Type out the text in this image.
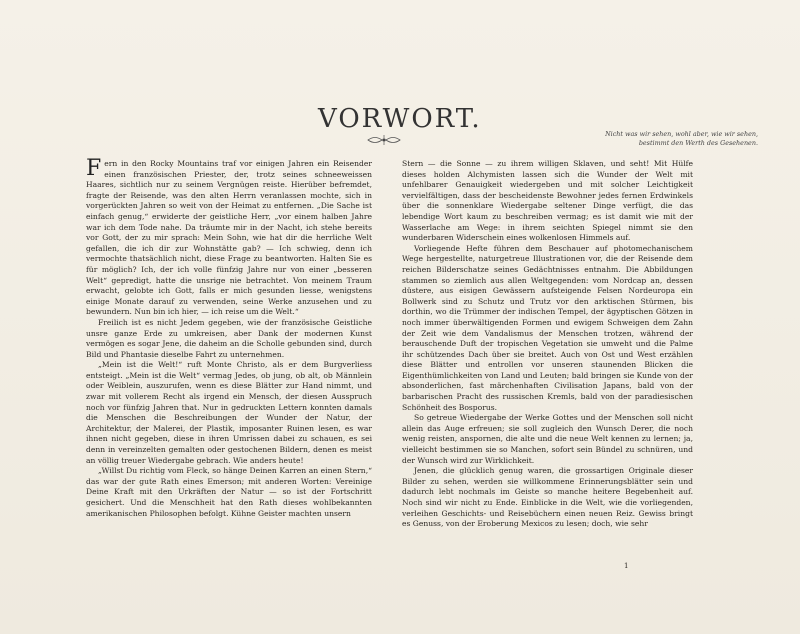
VORWORT.	Nicht was wir sehen, wohl aber, wie wir sehen,
bestimmt den Werth des Gesehenen.

Fern in den Rocky Mountains traf vor einigen Jahren ein Reisender einen französischen Priester, der, trotz seines schneeweissen Haares, sichtlich nur zu seinem Vergnügen reiste. Hierüber befremdet, fragte der Reisende, was den alten Herrn veranlassen mochte, sich in vorgerückten Jahren so weit von der Heimat zu entfernen. „Die Sache ist einfach genug,“ erwiderte der geistliche Herr, „vor einem halben Jahre war ich dem Tode nahe. Da träumte mir in der Nacht, ich stehe bereits vor Gott, der zu mir sprach: Mein Sohn, wie hat dir die herrliche Welt gefallen, die ich dir zur Wohnstätte gab? — Ich schwieg, denn ich vermochte thatsächlich nicht, diese Frage zu beantworten. Halten Sie es für möglich? Ich, der ich volle fünfzig Jahre nur von einer „besseren Welt“ gepredigt, hatte die unsrige nie betrachtet. Von meinem Traum erwacht, gelobte ich Gott, falls er mich gesunden liesse, wenigstens einige Monate darauf zu verwenden, seine Werke anzusehen und zu bewundern. Nun bin ich hier, — ich reise um die Welt.“

Freilich ist es nicht Jedem gegeben, wie der französische Geistliche unsre ganze Erde zu umkreisen, aber Dank der modernen Kunst vermögen es sogar Jene, die daheim an die Scholle gebunden sind, durch Bild und Phantasie dieselbe Fahrt zu unternehmen.

„Mein ist die Welt!“ ruft Monte Christo, als er dem Burgverliess entsteigt. „Mein ist die Welt“ vermag Jedes, ob jung, ob alt, ob Männlein oder Weiblein, auszurufen, wenn es diese Blätter zur Hand nimmt, und zwar mit vollerem Recht als irgend ein Mensch, der diesen Ausspruch noch vor fünfzig Jahren that. Nur in gedruckten Lettern konnten damals die Menschen die Beschreibungen der Wunder der Natur, der Architektur, der Malerei, der Plastik, imposanter Ruinen lesen, es war ihnen nicht gegeben, diese in ihren Umrissen dabei zu schauen, es sei denn in vereinzelten gemalten oder gestochenen Bildern, denen es meist an völlig treuer Wiedergabe gebrach. Wie anders heute!

„Willst Du richtig vom Fleck, so hänge Deinen Karren an einen Stern,“ das war der gute Rath eines Emerson; mit anderen Worten: Vereinige Deine Kraft mit den Urkräften der Natur — so ist der Fortschritt gesichert. Und die Menschheit hat den Rath dieses wohlbekannten amerikanischen Philosophen befolgt. Kühne Geister machten unsern

Stern — die Sonne — zu ihrem willigen Sklaven, und seht! Mit Hülfe dieses holden Alchymisten lassen sich die Wunder der Welt mit unfehlbarer Genauigkeit wiedergeben und mit solcher Leichtigkeit vervielfältigen, dass der bescheidenste Bewohner jedes fernen Erdwinkels über die sonnenklare Wiedergabe seltener Dinge verfügt, die das lebendige Wort kaum zu beschreiben vermag; es ist damit wie mit der Wasserlache am Wege: in ihrem seichten Spiegel nimmt sie den wunderbaren Widerschein eines wolkenlosen Himmels auf.

Vorliegende Hefte führen dem Beschauer auf photomechanischem Wege hergestellte, naturgetreue Illustrationen vor, die der Reisende dem reichen Bilderschatze seines Gedächtnisses entnahm. Die Abbildungen stammen so ziemlich aus allen Weltgegenden: vom Nordcap an, dessen düstere, aus eisigen Gewässern aufsteigende Felsen Nordeuropa ein Bollwerk sind zu Schutz und Trutz vor den arktischen Stürmen, bis dorthin, wo die Trümmer der indischen Tempel, der ägyptischen Götzen in noch immer überwältigenden Formen und ewigem Schweigen dem Zahn der Zeit wie dem Vandalismus der Menschen trotzen, während der berauschende Duft der tropischen Vegetation sie umweht und die Palme ihr schützendes Dach über sie breitet. Auch von Ost und West erzählen diese Blätter und entrollen vor unseren staunenden Blicken die Eigenthümlichkeiten von Land und Leuten; bald bringen sie Kunde von der absonderlichen, fast märchenhaften Civilisation Japans, bald von der barbarischen Pracht des russischen Kremls, bald von der paradiesischen Schönheit des Bosporus.

So getreue Wiedergabe der Werke Gottes und der Menschen soll nicht allein das Auge erfreuen; sie soll zugleich den Wunsch Derer, die noch wenig reisten, anspornen, die alte und die neue Welt kennen zu lernen; ja, vielleicht bestimmen sie so Manchen, sofort sein Bündel zu schnüren, und der Wunsch wird zur Wirklichkeit.

Jenen, die glücklich genug waren, die grossartigen Originale dieser Bilder zu sehen, werden sie willkommene Erinnerungsblätter sein und dadurch lebt nochmals im Geiste so manche heitere Begebenheit auf. Noch sind wir nicht zu Ende. Einblicke in die Welt, wie die vorliegenden, verleihen Geschichts- und Reisebüchern einen neuen Reiz. Gewiss bringt es Genuss, von der Eroberung Mexicos zu lesen; doch, wie sehr

1
